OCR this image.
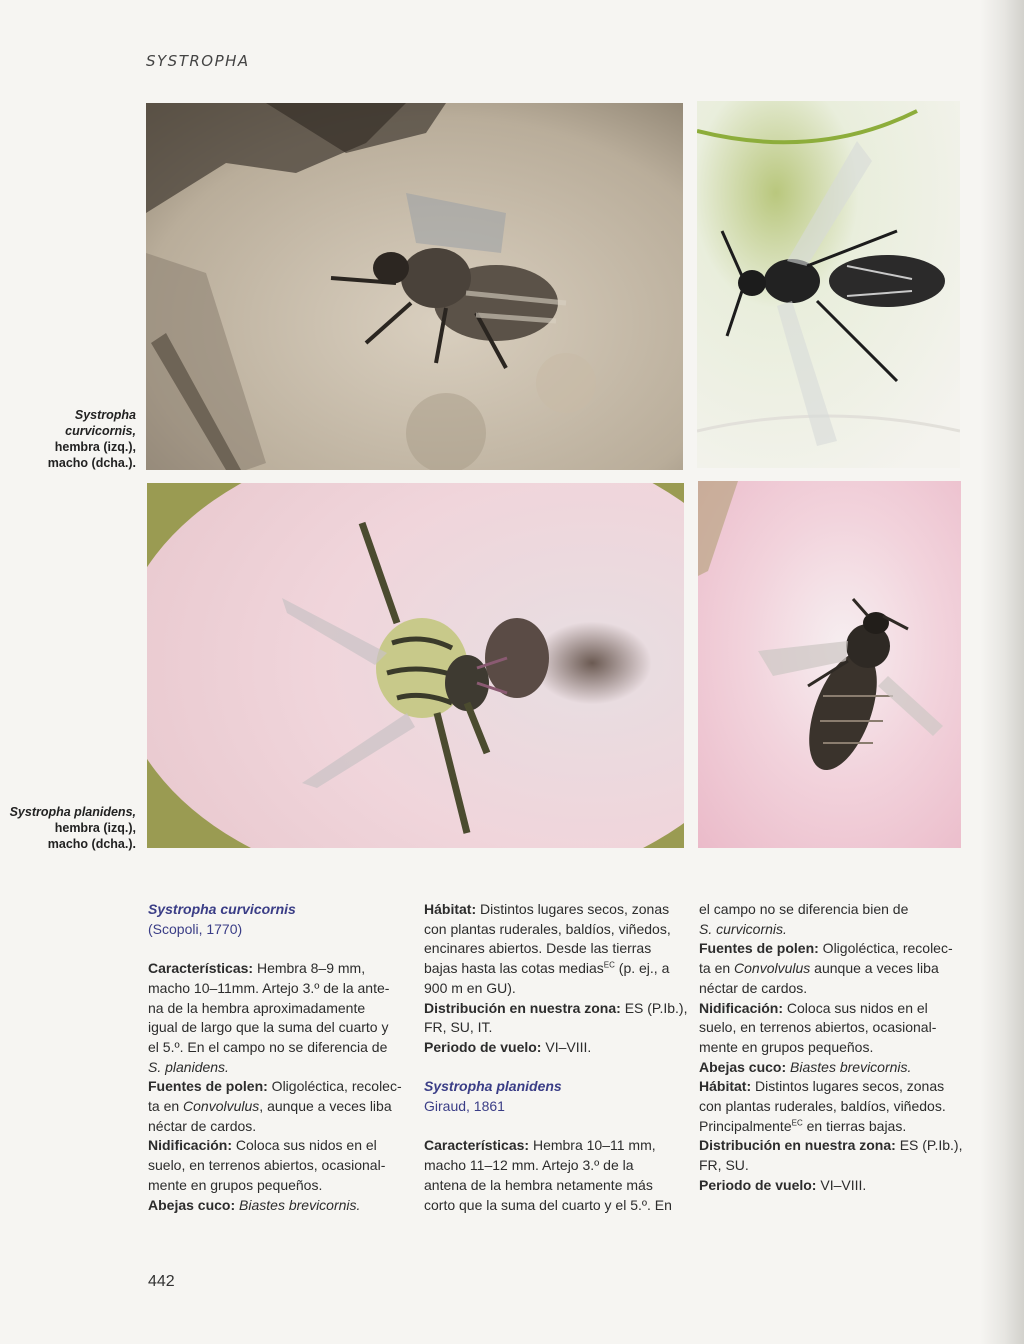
SYSTROPHA
Systropha
curvicornis,
hembra (izq.),
macho (dcha.).
Systropha planidens,
hembra (izq.),
macho (dcha.).
Systropha curvicornis
(Scopoli, 1770)
Características: Hembra 8–9 mm,
macho 10–11mm. Artejo 3.º de la ante-
na de la hembra aproximadamente
igual de largo que la suma del cuarto y
el 5.º. En el campo no se diferencia de
S. planidens.
Fuentes de polen: Oligoléctica, recolec-
ta en Convolvulus, aunque a veces liba
néctar de cardos.
Nidificación: Coloca sus nidos en el
suelo, en terrenos abiertos, ocasional-
mente en grupos pequeños.
Abejas cuco: Biastes brevicornis.
Hábitat: Distintos lugares secos, zonas
con plantas ruderales, baldíos, viñedos,
encinares abiertos. Desde las tierras
bajas hasta las cotas medias$^{EC}$ (p. ej., a
900 m en GU).
Distribución en nuestra zona: ES (P.Ib.),
FR, SU, IT.
Periodo de vuelo: VI–VIII.
Systropha planidens
Giraud, 1861
Características: Hembra 10–11 mm,
macho 11–12 mm. Artejo 3.º de la
antena de la hembra netamente más
corto que la suma del cuarto y el 5.º. En
el campo no se diferencia bien de
S. curvicornis.
Fuentes de polen: Oligoléctica, recolec-
ta en Convolvulus aunque a veces liba
néctar de cardos.
Nidificación: Coloca sus nidos en el
suelo, en terrenos abiertos, ocasional-
mente en grupos pequeños.
Abejas cuco: Biastes brevicornis.
Hábitat: Distintos lugares secos, zonas
con plantas ruderales, baldíos, viñedos.
Principalmente$^{EC}$ en tierras bajas.
Distribución en nuestra zona: ES (P.Ib.),
FR, SU.
Periodo de vuelo: VI–VIII.
442
